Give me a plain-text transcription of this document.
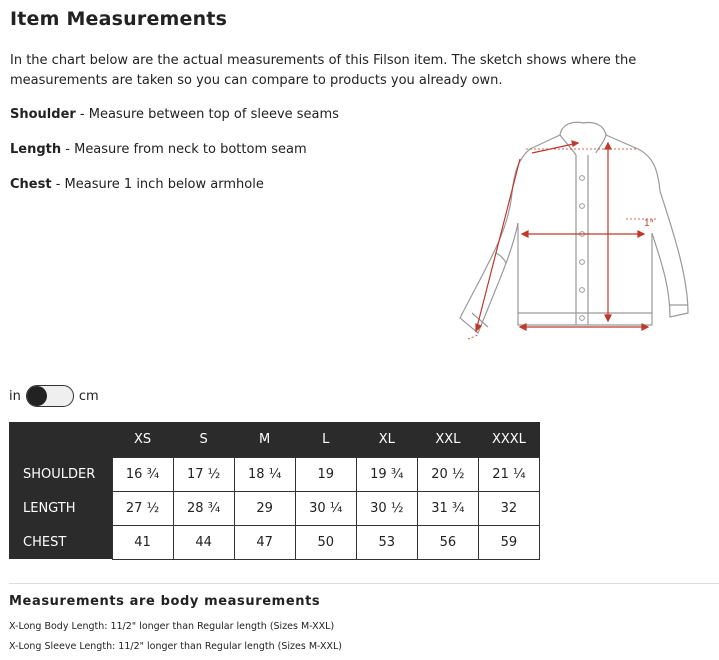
Item Measurements
In the chart below are the actual measurements of this Filson item. The sketch shows where the measurements are taken so you can compare to products you already own.
Shoulder - Measure between top of sleeve seams
Length - Measure from neck to bottom seam
Chest - Measure 1 inch below armhole
1"
in	cm
	XS	S	M	L	XL	XXL	XXXL
SHOULDER	16 ¾	17 ½	18 ¼	19	19 ¾	20 ½	21 ¼
LENGTH	27 ½	28 ¾	29	30 ¼	30 ½	31 ¾	32
CHEST	41	44	47	50	53	56	59
Measurements are body measurements
X-Long Body Length: 11/2" longer than Regular length (Sizes M-XXL)
X-Long Sleeve Length: 11/2" longer than Regular length (Sizes M-XXL)
